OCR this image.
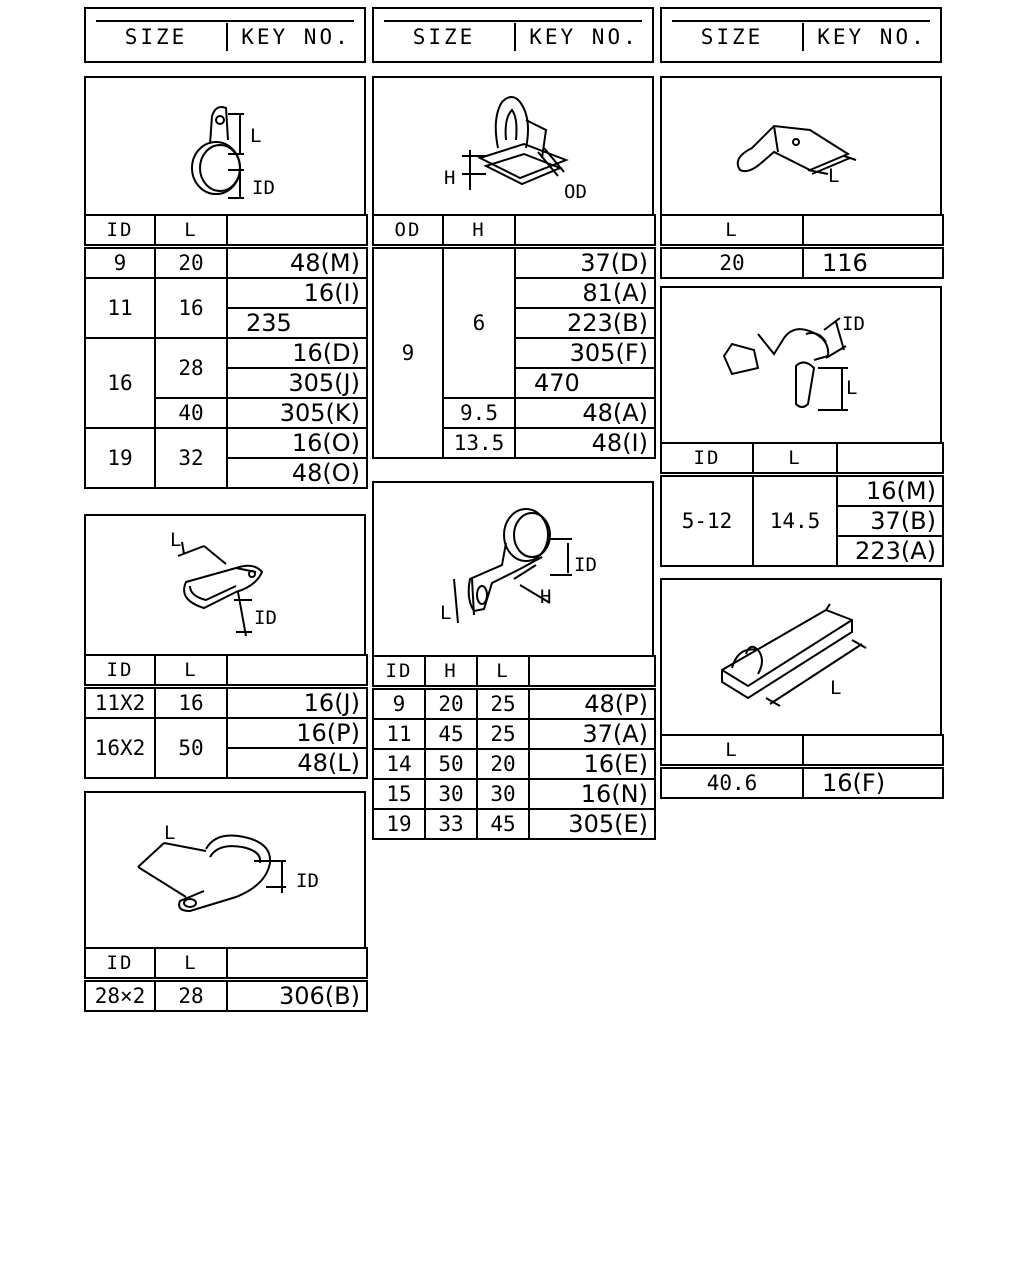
SIZE	KEY NO.	SIZE	KEY NO.	SIZE	KEY NO.
L
ID
ID	L	
9	20	48(M)
11	16	16(I)
		235
16	28	16(D)
		305(J)
	40	305(K)
19	32	16(O)
		48(O)
L
ID
ID	L	
11X2	16	16(J)
16X2	50	16(P)
		48(L)
L
ID
ID	L	
28×2	28	306(B)
H
OD
OD	H	
9	6	37(D)
		81(A)
		223(B)
		305(F)
		470
	9.5	48(A)
	13.5	48(I)
ID
H
L
ID	H	L	
9	20	25	48(P)
11	45	25	37(A)
14	50	20	16(E)
15	30	30	16(N)
19	33	45	305(E)
L
L	
20	116
ID
L
ID	L	
5-12	14.5	16(M)
		37(B)
		223(A)
L
L	
40.6	16(F)
